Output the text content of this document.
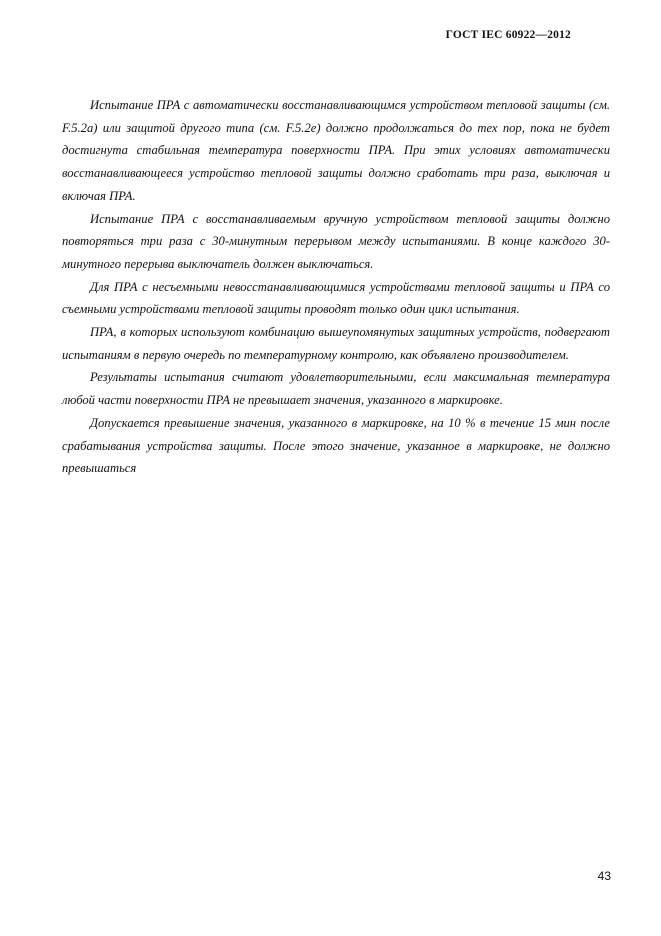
ГОСТ IEC 60922—2012

Испытание ПРА с автоматически восстанавливающимся устройством тепловой защиты (см. F.5.2a) или защитой другого типа (см. F.5.2e) должно продолжаться до тех пор, пока не будет достигнута стабильная температура поверхности ПРА. При этих условиях автоматически восстанавливающееся устройство тепловой защиты должно сработать три раза, выключая и включая ПРА.

Испытание ПРА с восстанавливаемым вручную устройством тепловой защиты должно повторяться три раза с 30-минутным перерывом между испытаниями. В конце каждого 30-минутного перерыва выключатель должен выключаться.

Для ПРА с несъемными невосстанавливающимися устройствами тепловой защиты и ПРА со съемными устройствами тепловой защиты проводят только один цикл испытания.

ПРА, в которых используют комбинацию вышеупомянутых защитных устройств, подвергают испытаниям в первую очередь по температурному контролю, как объявлено производителем.

Результаты испытания считают удовлетворительными, если максимальная температура любой части поверхности ПРА не превышает значения, указанного в маркировке.

Допускается превышение значения, указанного в маркировке, на 10 % в течение 15 мин после срабатывания устройства защиты. После этого значение, указанное в маркировке, не должно превышаться

43
